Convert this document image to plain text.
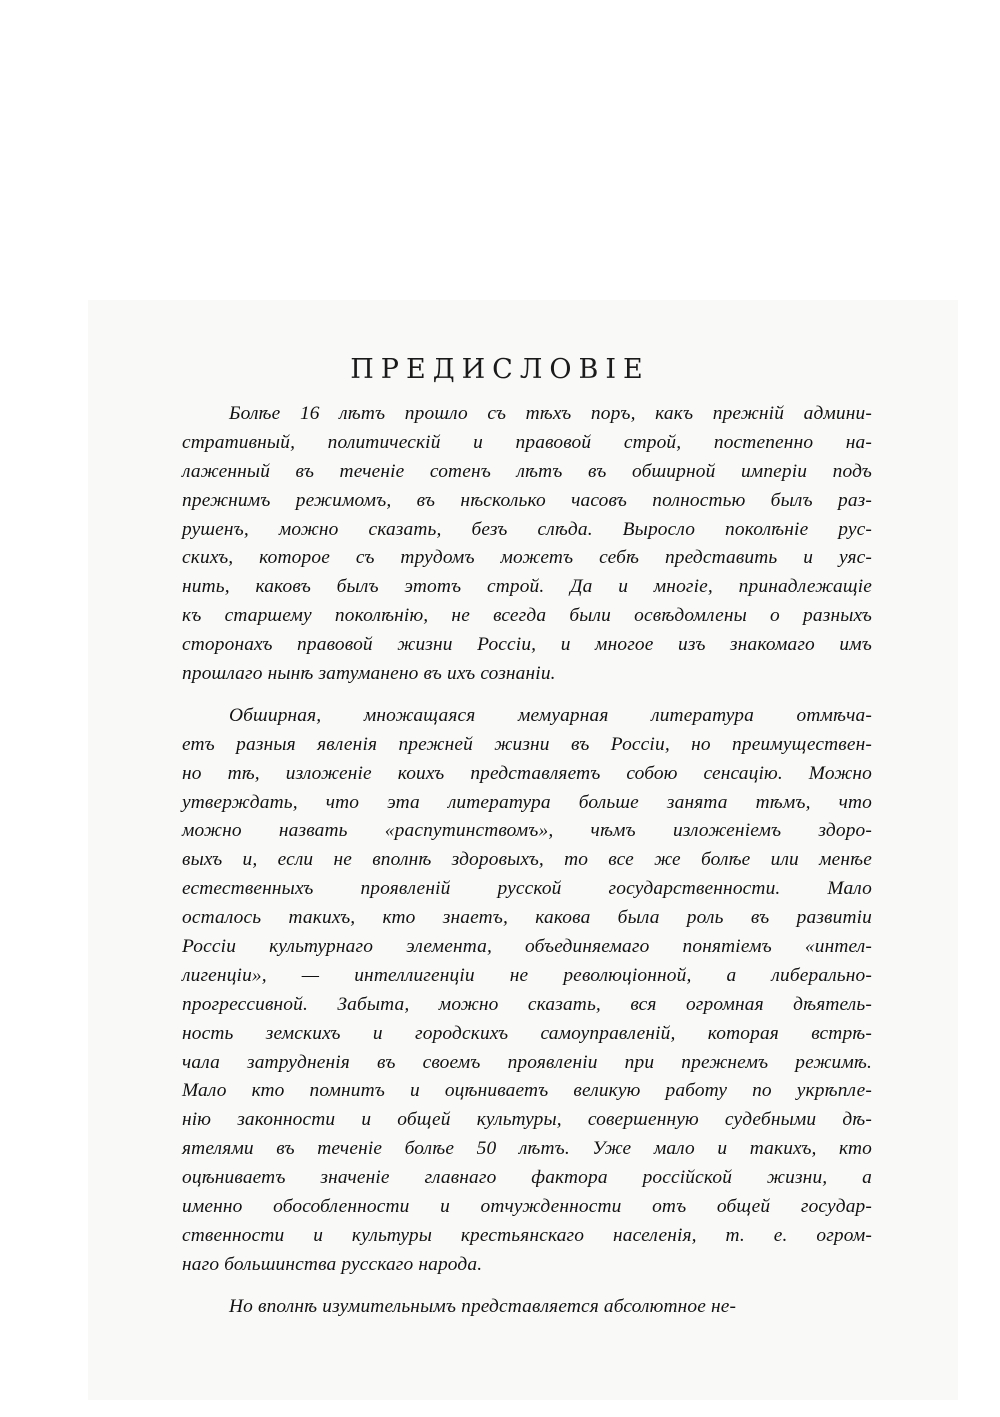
ПРЕДИСЛОВІЕ
Болѣе 16 лѣтъ прошло съ тѣхъ поръ, какъ прежній админи-
стративный, политическій и правовой строй, постепенно на-
лаженный въ теченіе сотенъ лѣтъ въ обширной имперіи подъ
прежнимъ режимомъ, въ нѣсколько часовъ полностью былъ раз-
рушенъ, можно сказать, безъ слѣда. Выросло поколѣніе рус-
скихъ, которое съ трудомъ можетъ себѣ представить и уяс-
нить, каковъ былъ этотъ строй. Да и многіе, принадлежащіе
къ старшему поколѣнію, не всегда были освѣдомлены о разныхъ
сторонахъ правовой жизни Россіи, и многое изъ знакомаго имъ
прошлаго нынѣ затуманено въ ихъ сознаніи.
Обширная, множащаяся мемуарная литература отмѣча-
етъ разныя явленія прежней жизни въ Россіи, но преимуществен-
но тѣ, изложеніе коихъ представляетъ собою сенсацію. Можно
утверждать, что эта литература больше занята тѣмъ, что
можно назвать «распутинствомъ», чѣмъ изложеніемъ здоро-
выхъ и, если не вполнѣ здоровыхъ, то все же болѣе или менѣе
естественныхъ проявленій русской государственности. Мало
осталось такихъ, кто знаетъ, какова была роль въ развитіи
Россіи культурнаго элемента, объединяемаго понятіемъ «интел-
лигенціи», — интеллигенціи не революціонной, а либерально-
прогрессивной. Забыта, можно сказать, вся огромная дѣятель-
ность земскихъ и городскихъ самоуправленій, которая встрѣ-
чала затрудненія въ своемъ проявленіи при прежнемъ режимѣ.
Мало кто помнитъ и оцѣниваетъ великую работу по укрѣпле-
нію законности и общей культуры, совершенную судебными дѣ-
ятелями въ теченіе болѣе 50 лѣтъ. Уже мало и такихъ, кто
оцѣниваетъ значеніе главнаго фактора россійской жизни, а
именно обособленности и отчужденности отъ общей государ-
ственности и культуры крестьянскаго населенія, т. е. огром-
наго большинства русскаго народа.
Но вполнѣ изумительнымъ представляется абсолютное не-
